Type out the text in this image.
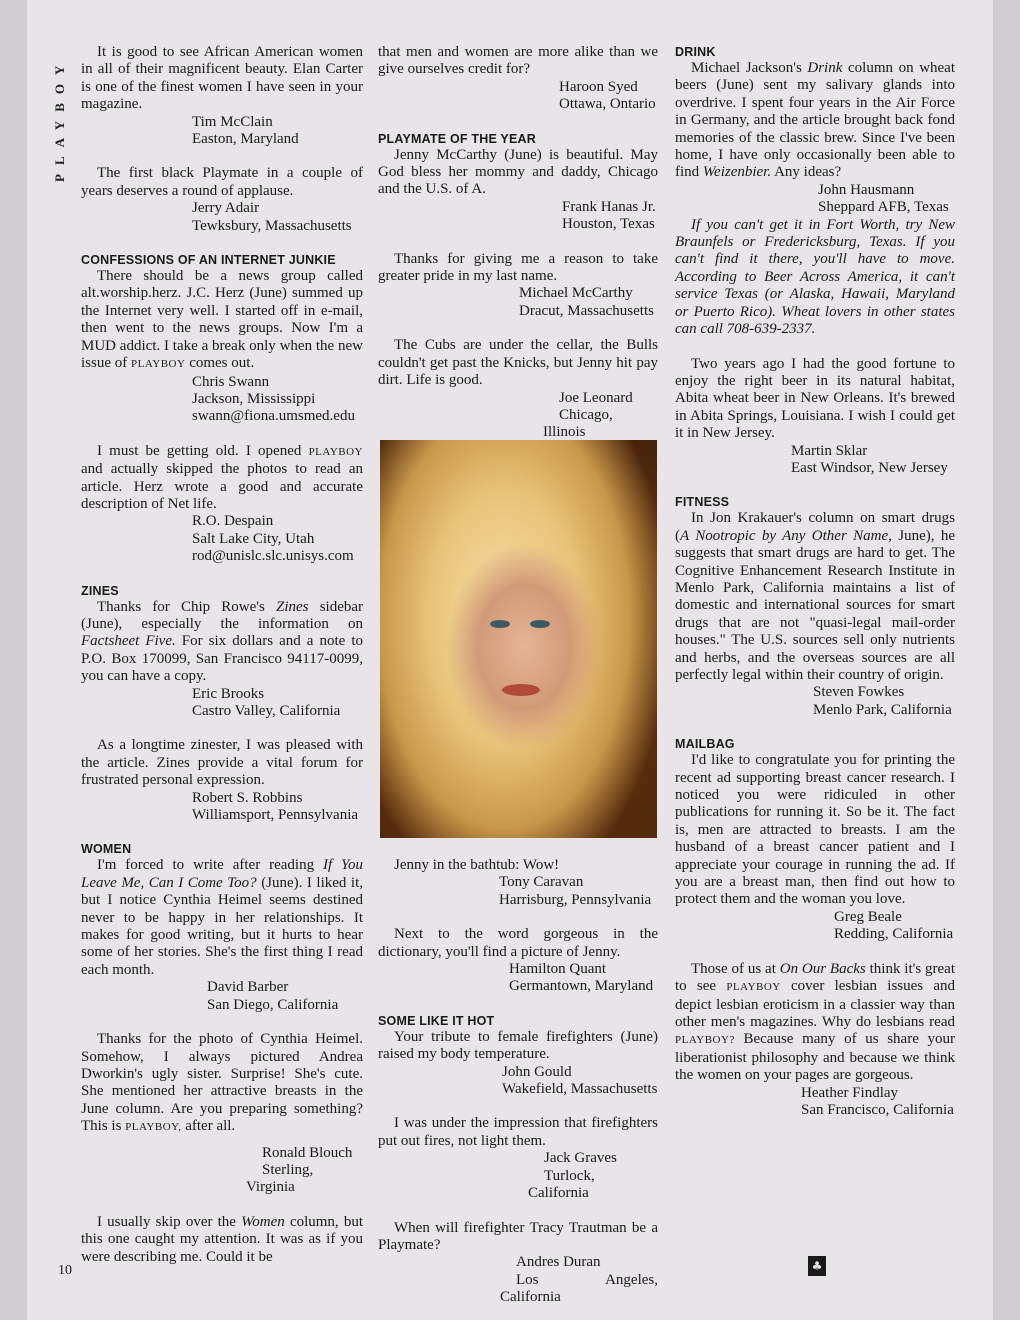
PLAYBOY

It is good to see African American women in all of their magnificent beauty. Elan Carter is one of the finest women I have seen in your magazine.

Tim McClain

Easton, Maryland

The first black Playmate in a couple of years deserves a round of applause.

Jerry Adair

Tewksbury, Massachusetts

CONFESSIONS OF AN INTERNET JUNKIE

There should be a news group called alt.worship.herz. J.C. Herz (June) summed up the Internet very well. I started off in e-mail, then went to the news groups. Now I'm a MUD addict. I take a break only when the new issue of PLAYBOY comes out.

Chris Swann

Jackson, Mississippi

swann@fiona.umsmed.edu

I must be getting old. I opened PLAYBOY and actually skipped the photos to read an article. Herz wrote a good and accurate description of Net life.

R.O. Despain

Salt Lake City, Utah

rod@unislc.slc.unisys.com

ZINES

Thanks for Chip Rowe's Zines sidebar (June), especially the information on Factsheet Five. For six dollars and a note to P.O. Box 170099, San Francisco 94117-0099, you can have a copy.

Eric Brooks

Castro Valley, California

As a longtime zinester, I was pleased with the article. Zines provide a vital forum for frustrated personal expression.

Robert S. Robbins

Williamsport, Pennsylvania

WOMEN

I'm forced to write after reading If You Leave Me, Can I Come Too? (June). I liked it, but I notice Cynthia Heimel seems destined never to be happy in her relationships. It makes for good writing, but it hurts to hear some of her stories. She's the first thing I read each month.

David Barber

San Diego, California

Thanks for the photo of Cynthia Heimel. Somehow, I always pictured Andrea Dworkin's ugly sister. Surprise! She's cute. She mentioned her attractive breasts in the June column. Are you preparing something? This is PLAYBOY, after all.

Ronald Blouch

Sterling, Virginia

I usually skip over the Women column, but this one caught my attention. It was as if you were describing me. Could it be

that men and women are more alike than we give ourselves credit for?

Haroon Syed

Ottawa, Ontario

PLAYMATE OF THE YEAR

Jenny McCarthy (June) is beautiful. May God bless her mommy and daddy, Chicago and the U.S. of A.

Frank Hanas Jr.

Houston, Texas

Thanks for giving me a reason to take greater pride in my last name.

Michael McCarthy

Dracut, Massachusetts

The Cubs are under the cellar, the Bulls couldn't get past the Knicks, but Jenny hit pay dirt. Life is good.

Joe Leonard

Chicago, Illinois

Jenny in the bathtub: Wow!

Tony Caravan

Harrisburg, Pennsylvania

Next to the word gorgeous in the dictionary, you'll find a picture of Jenny.

Hamilton Quant

Germantown, Maryland

SOME LIKE IT HOT

Your tribute to female firefighters (June) raised my body temperature.

John Gould

Wakefield, Massachusetts

I was under the impression that firefighters put out fires, not light them.

Jack Graves

Turlock, California

When will firefighter Tracy Trautman be a Playmate?

Andres Duran

Los Angeles, California

DRINK

Michael Jackson's Drink column on wheat beers (June) sent my salivary glands into overdrive. I spent four years in the Air Force in Germany, and the article brought back fond memories of the classic brew. Since I've been home, I have only occasionally been able to find Weizenbier. Any ideas?

John Hausmann

Sheppard AFB, Texas

If you can't get it in Fort Worth, try New Braunfels or Fredericksburg, Texas. If you can't find it there, you'll have to move. According to Beer Across America, it can't service Texas (or Alaska, Hawaii, Maryland or Puerto Rico). Wheat lovers in other states can call 708-639-2337.

Two years ago I had the good fortune to enjoy the right beer in its natural habitat, Abita wheat beer in New Orleans. It's brewed in Abita Springs, Louisiana. I wish I could get it in New Jersey.

Martin Sklar

East Windsor, New Jersey

FITNESS

In Jon Krakauer's column on smart drugs (A Nootropic by Any Other Name, June), he suggests that smart drugs are hard to get. The Cognitive Enhancement Research Institute in Menlo Park, California maintains a list of domestic and international sources for smart drugs that are not "quasi-legal mail-order houses." The U.S. sources sell only nutrients and herbs, and the overseas sources are all perfectly legal within their country of origin.

Steven Fowkes

Menlo Park, California

MAILBAG

I'd like to congratulate you for printing the recent ad supporting breast cancer research. I noticed you were ridiculed in other publications for running it. So be it. The fact is, men are attracted to breasts. I am the husband of a breast cancer patient and I appreciate your courage in running the ad. If you are a breast man, then find out how to protect them and the woman you love.

Greg Beale

Redding, California

Those of us at On Our Backs think it's great to see PLAYBOY cover lesbian issues and depict lesbian eroticism in a classier way than other men's magazines. Why do lesbians read PLAYBOY? Because many of us share your liberationist philosophy and because we think the women on your pages are gorgeous.

Heather Findlay

San Francisco, California

10	♣
